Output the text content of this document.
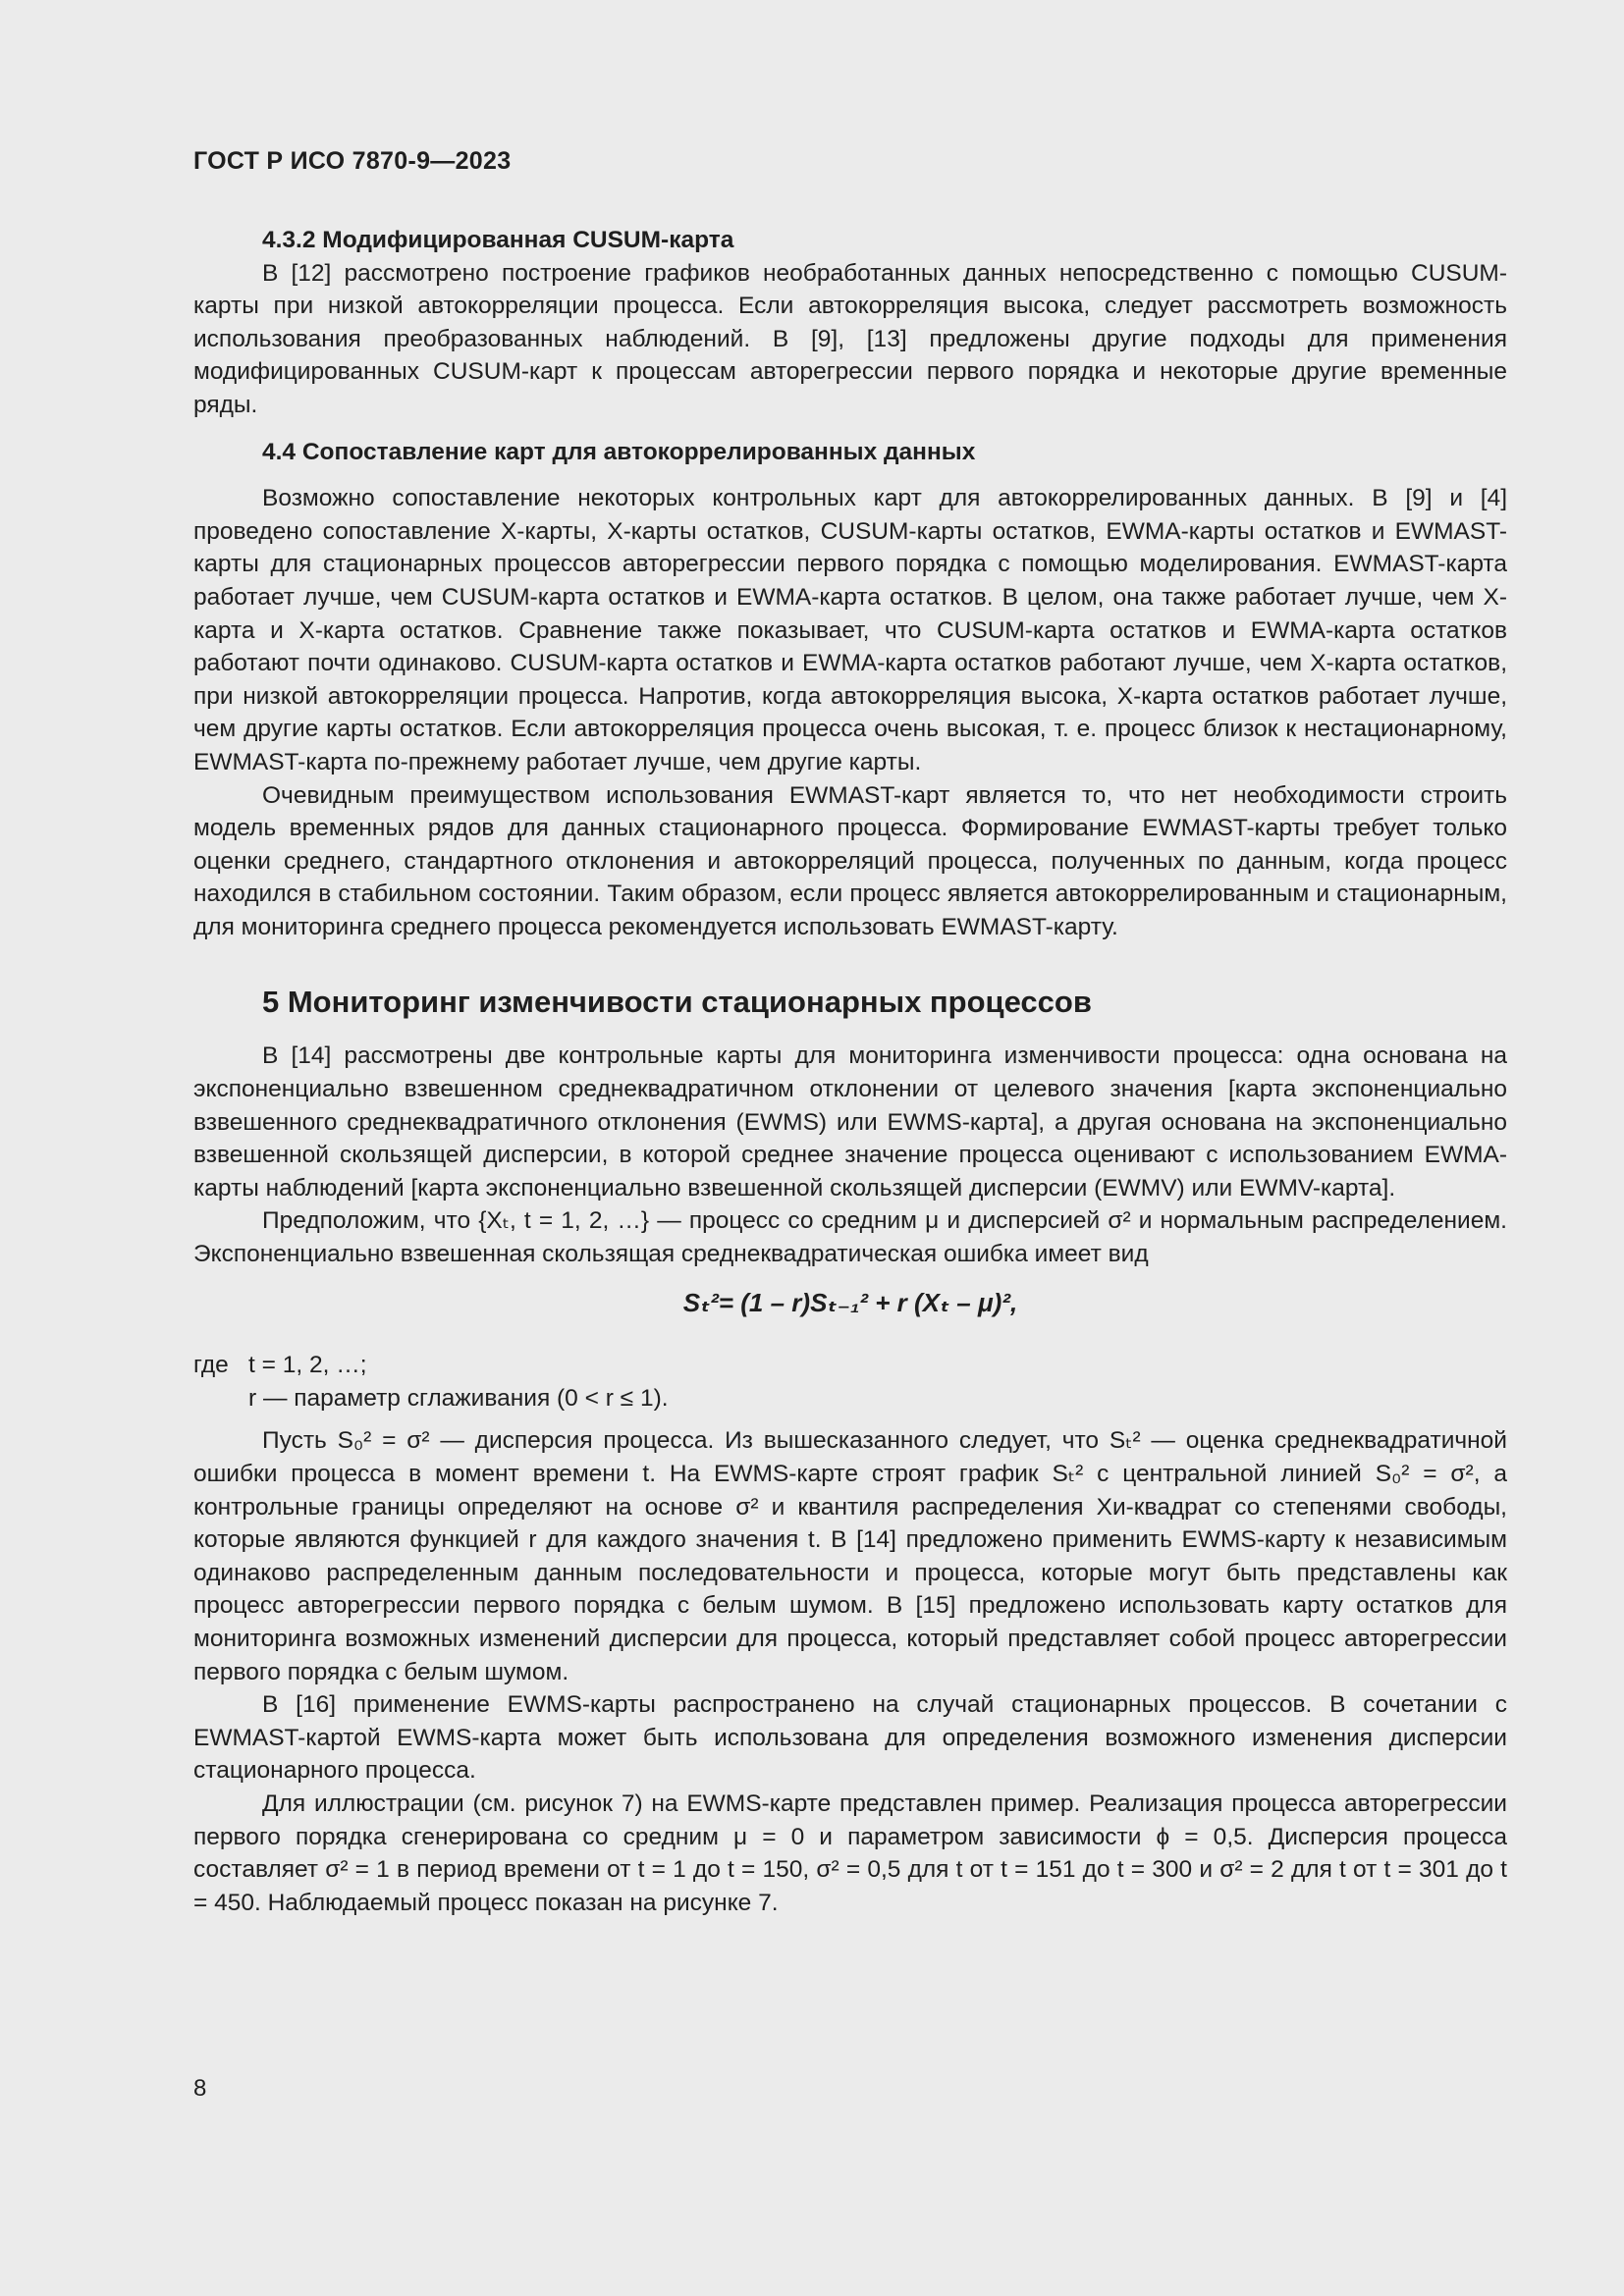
ГОСТ Р ИСО 7870-9—2023
4.3.2 Модифицированная CUSUM-карта

В [12] рассмотрено построение графиков необработанных данных непосредственно с помощью CUSUM-карты при низкой автокорреляции процесса. Если автокорреляция высока, следует рассмотреть возможность использования преобразованных наблюдений. В [9], [13] предложены другие подходы для применения модифицированных CUSUM-карт к процессам авторегрессии первого порядка и некоторые другие временные ряды.

4.4 Сопоставление карт для автокоррелированных данных

Возможно сопоставление некоторых контрольных карт для автокоррелированных данных. В [9] и [4] проведено сопоставление X-карты, X-карты остатков, CUSUM-карты остатков, EWMA-карты остатков и EWMAST-карты для стационарных процессов авторегрессии первого порядка с помощью моделирования. EWMAST-карта работает лучше, чем CUSUM-карта остатков и EWMA-карта остатков. В целом, она также работает лучше, чем X-карта и X-карта остатков. Сравнение также показывает, что CUSUM-карта остатков и EWMA-карта остатков работают почти одинаково. CUSUM-карта остатков и EWMA-карта остатков работают лучше, чем X-карта остатков, при низкой автокорреляции процесса. Напротив, когда автокорреляция высока, X-карта остатков работает лучше, чем другие карты остатков. Если автокорреляция процесса очень высокая, т. е. процесс близок к нестационарному, EWMAST-карта по-прежнему работает лучше, чем другие карты.

Очевидным преимуществом использования EWMAST-карт является то, что нет необходимости строить модель временных рядов для данных стационарного процесса. Формирование EWMAST-карты требует только оценки среднего, стандартного отклонения и автокорреляций процесса, полученных по данным, когда процесс находился в стабильном состоянии. Таким образом, если процесс является автокоррелированным и стационарным, для мониторинга среднего процесса рекомендуется использовать EWMAST-карту.

5 Мониторинг изменчивости стационарных процессов

В [14] рассмотрены две контрольные карты для мониторинга изменчивости процесса: одна основана на экспоненциально взвешенном среднеквадратичном отклонении от целевого значения [карта экспоненциально взвешенного среднеквадратичного отклонения (EWMS) или EWMS-карта], а другая основана на экспоненциально взвешенной скользящей дисперсии, в которой среднее значение процесса оценивают с использованием EWMA-карты наблюдений [карта экспоненциально взвешенной скользящей дисперсии (EWMV) или EWMV-карта].

Предположим, что {Xₜ, t = 1, 2, …} — процесс со средним μ и дисперсией σ² и нормальным распределением. Экспоненциально взвешенная скользящая среднеквадратическая ошибка имеет вид

Sₜ²= (1 – r)Sₜ₋₁² + r (Xₜ – μ)²,
где t = 1, 2, …;
r — параметр сглаживания (0 < r ≤ 1).

Пусть S₀² = σ² — дисперсия процесса. Из вышесказанного следует, что Sₜ² — оценка среднеквадратичной ошибки процесса в момент времени t. На EWMS-карте строят график Sₜ² с центральной линией S₀² = σ², а контрольные границы определяют на основе σ² и квантиля распределения Хи-квадрат со степенями свободы, которые являются функцией r для каждого значения t. В [14] предложено применить EWMS-карту к независимым одинаково распределенным данным последовательности и процесса, которые могут быть представлены как процесс авторегрессии первого порядка с белым шумом. В [15] предложено использовать карту остатков для мониторинга возможных изменений дисперсии для процесса, который представляет собой процесс авторегрессии первого порядка с белым шумом.

В [16] применение EWMS-карты распространено на случай стационарных процессов. В сочетании с EWMAST-картой EWMS-карта может быть использована для определения возможного изменения дисперсии стационарного процесса.

Для иллюстрации (см. рисунок 7) на EWMS-карте представлен пример. Реализация процесса авторегрессии первого порядка сгенерирована со средним μ = 0 и параметром зависимости ϕ = 0,5. Дисперсия процесса составляет σ² = 1 в период времени от t = 1 до t = 150, σ² = 0,5 для t от t = 151 до t = 300 и σ² = 2 для t от t = 301 до t = 450. Наблюдаемый процесс показан на рисунке 7.

8
